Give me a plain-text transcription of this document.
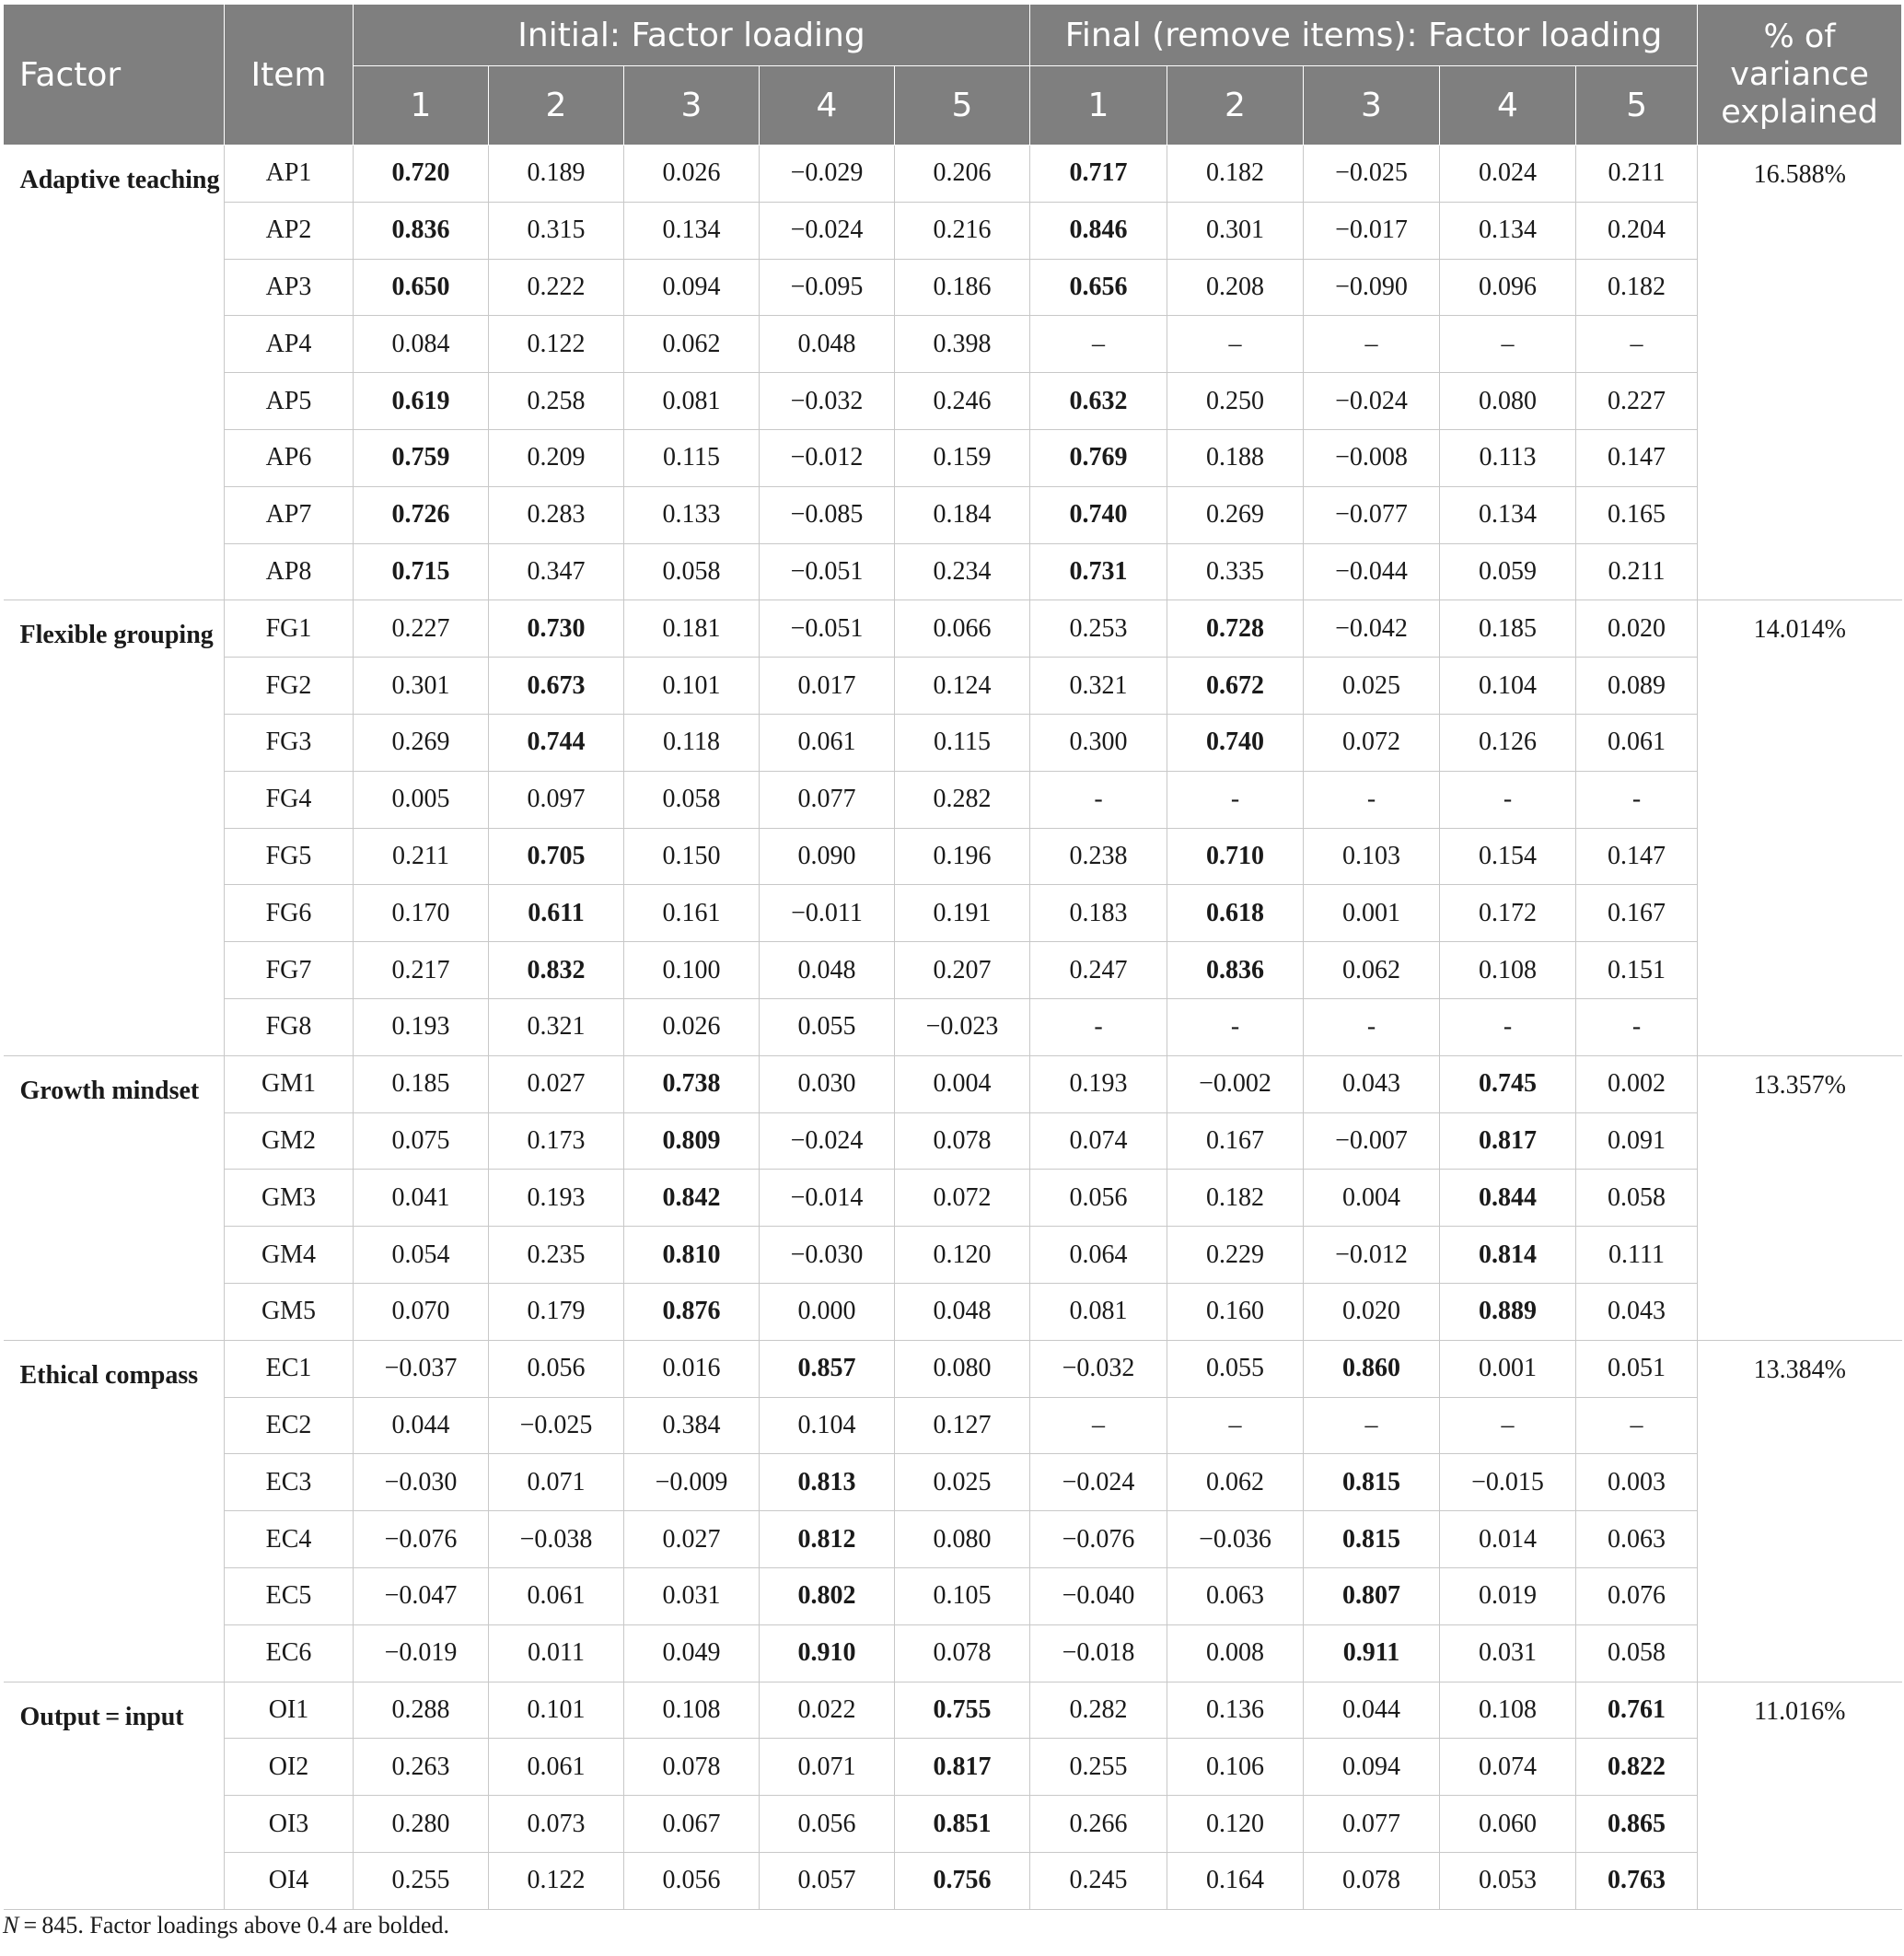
Factor	Item	Initial: Factor loading					Final (remove items): Factor loading					% of variance explained
		1	2	3	4	5	1	2	3	4	5	
Adaptive teaching	AP1	0.720	0.189	0.026	−0.029	0.206	0.717	0.182	−0.025	0.024	0.211	16.588%
	AP2	0.836	0.315	0.134	−0.024	0.216	0.846	0.301	−0.017	0.134	0.204	
	AP3	0.650	0.222	0.094	−0.095	0.186	0.656	0.208	−0.090	0.096	0.182	
	AP4	0.084	0.122	0.062	0.048	0.398	–	–	–	–	–	
	AP5	0.619	0.258	0.081	−0.032	0.246	0.632	0.250	−0.024	0.080	0.227	
	AP6	0.759	0.209	0.115	−0.012	0.159	0.769	0.188	−0.008	0.113	0.147	
	AP7	0.726	0.283	0.133	−0.085	0.184	0.740	0.269	−0.077	0.134	0.165	
	AP8	0.715	0.347	0.058	−0.051	0.234	0.731	0.335	−0.044	0.059	0.211	
Flexible grouping	FG1	0.227	0.730	0.181	−0.051	0.066	0.253	0.728	−0.042	0.185	0.020	14.014%
	FG2	0.301	0.673	0.101	0.017	0.124	0.321	0.672	0.025	0.104	0.089	
	FG3	0.269	0.744	0.118	0.061	0.115	0.300	0.740	0.072	0.126	0.061	
	FG4	0.005	0.097	0.058	0.077	0.282	-	-	-	-	-	
	FG5	0.211	0.705	0.150	0.090	0.196	0.238	0.710	0.103	0.154	0.147	
	FG6	0.170	0.611	0.161	−0.011	0.191	0.183	0.618	0.001	0.172	0.167	
	FG7	0.217	0.832	0.100	0.048	0.207	0.247	0.836	0.062	0.108	0.151	
	FG8	0.193	0.321	0.026	0.055	−0.023	-	-	-	-	-	
Growth mindset	GM1	0.185	0.027	0.738	0.030	0.004	0.193	−0.002	0.043	0.745	0.002	13.357%
	GM2	0.075	0.173	0.809	−0.024	0.078	0.074	0.167	−0.007	0.817	0.091	
	GM3	0.041	0.193	0.842	−0.014	0.072	0.056	0.182	0.004	0.844	0.058	
	GM4	0.054	0.235	0.810	−0.030	0.120	0.064	0.229	−0.012	0.814	0.111	
	GM5	0.070	0.179	0.876	0.000	0.048	0.081	0.160	0.020	0.889	0.043	
Ethical compass	EC1	−0.037	0.056	0.016	0.857	0.080	−0.032	0.055	0.860	0.001	0.051	13.384%
	EC2	0.044	−0.025	0.384	0.104	0.127	–	–	–	–	–	
	EC3	−0.030	0.071	−0.009	0.813	0.025	−0.024	0.062	0.815	−0.015	0.003	
	EC4	−0.076	−0.038	0.027	0.812	0.080	−0.076	−0.036	0.815	0.014	0.063	
	EC5	−0.047	0.061	0.031	0.802	0.105	−0.040	0.063	0.807	0.019	0.076	
	EC6	−0.019	0.011	0.049	0.910	0.078	−0.018	0.008	0.911	0.031	0.058	
Output = input	OI1	0.288	0.101	0.108	0.022	0.755	0.282	0.136	0.044	0.108	0.761	11.016%
	OI2	0.263	0.061	0.078	0.071	0.817	0.255	0.106	0.094	0.074	0.822	
	OI3	0.280	0.073	0.067	0.056	0.851	0.266	0.120	0.077	0.060	0.865	
	OI4	0.255	0.122	0.056	0.057	0.756	0.245	0.164	0.078	0.053	0.763	
N = 845. Factor loadings above 0.4 are bolded.
